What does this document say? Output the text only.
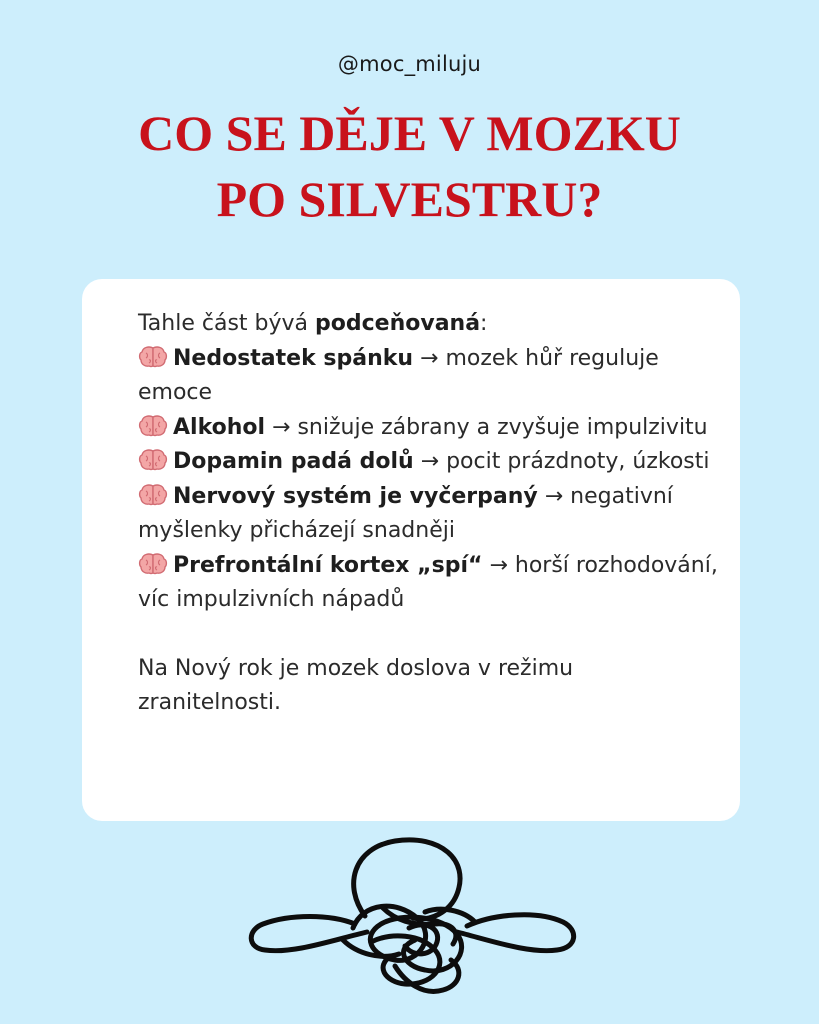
@moc_miluju
CO SE DĚJE V MOZKU
PO SILVESTRU?

Tahle část bývá podceňovaná:

Nedostatek spánku → mozek hůř reguluje emoce

Alkohol → snižuje zábrany a zvyšuje impulzivitu

Dopamin padá dolů → pocit prázdnoty, úzkosti

Nervový systém je vyčerpaný → negativní myšlenky přicházejí snadněji

Prefrontální kortex „spí“ → horší rozhodování, víc impulzivních nápadů

Na Nový rok je mozek doslova v režimu zranitelnosti.
